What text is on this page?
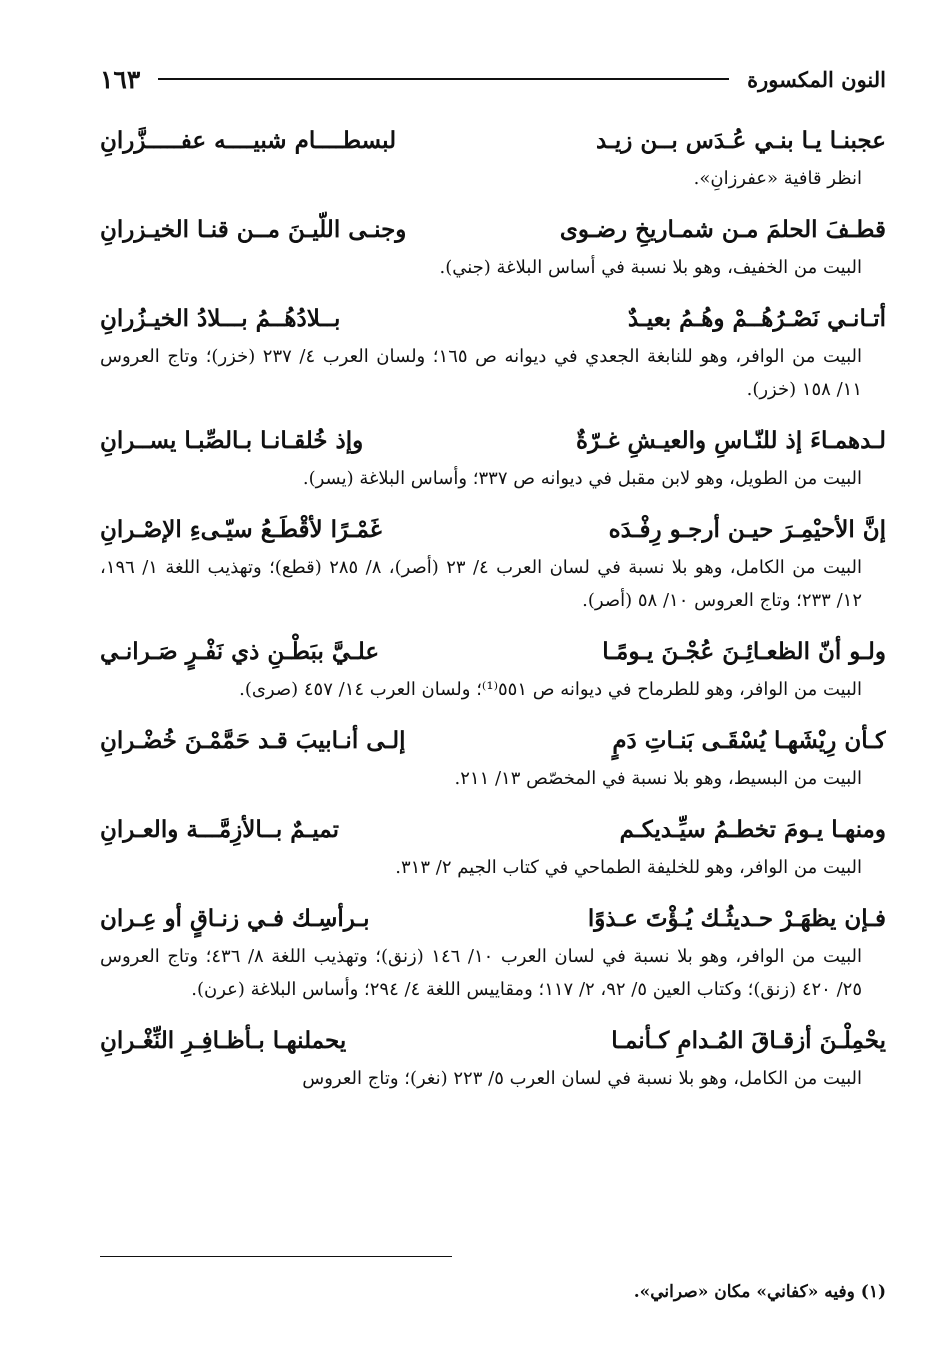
النون المكسورة
١٦٣
عجبنـا يـا بنـي عُـدَس بــن زيـد
لبسطــــام شبيــــه عفـــــزَّرانِ
انظر قافية «عفرزانِ».
قطـفَ الحلمَ مـن شمـاريخِ رضـوى
وجنـى اللّيـنَ مــن قنـا الخيـزرانِ
البيت من الخفيف، وهو بلا نسبة في أساس البلاغة (جني).
أتـانـي نَصْـرُهُــمْ وهُـمُ بعيـدٌ
بــلادُهُــمُ بـــلادُ الخيـزُرانِ
البيت من الوافر، وهو للنابغة الجعدي في ديوانه ص ١٦٥؛ ولسان العرب ٤/ ٢٣٧ (خزر)؛ وتاج العروس ١١/ ١٥٨ (خزر).
لـدهمـاءَ إذ للنّـاسِ والعيـشِ غـرّةٌ
وإذ خُلقـانـا بـالصِّبـا يســرانِ
البيت من الطويل، وهو لابن مقبل في ديوانه ص ٣٣٧؛ وأساس البلاغة (يسر).
إنَّ الأحيْمِـرَ حيـن أرجـو رِفْـدَه
غَمْـرًا لأقْطَـعُ سيّـىءِ الإصْـرانِ
البيت من الكامل، وهو بلا نسبة في لسان العرب ٤/ ٢٣ (أصر)، ٨/ ٢٨٥ (قطع)؛ وتهذيب اللغة ١/ ١٩٦، ١٢/ ٢٣٣؛ وتاج العروس ١٠/ ٥٨ (أصر).
ولـو أنّ الظعـائِـنَ عُجْـنَ يـومًـا
علـيَّ ببَطْـنِ ذي نَفْـرٍ صَـرانـي
البيت من الوافر، وهو للطرماح في ديوانه ص ٥٥١⁽¹⁾؛ ولسان العرب ١٤/ ٤٥٧ (صرى).
كـأن رِيْشَهـا يُسْقَـى بَنـاتِ دَمٍ
إلـى أنـابيبَ قـد حَمَّمْـنَ خُضْـرانِ
البيت من البسيط، وهو بلا نسبة في المخصّص ١٣/ ٢١١.
ومنهـا يـومَ تخطـمُ سيِّـديكـم
تميـمٌ بــالأزِمَّـــة والعـرانِ
البيت من الوافر، وهو للخليفة الطماحي في كتاب الجيم ٢/ ٣١٣.
فـإن يظهَـرْ حـديثُـك يُـؤْتَ عـذوًا
بـرأسِـك فـي زنـاقٍ أو عِـران
البيت من الوافر، وهو بلا نسبة في لسان العرب ١٠/ ١٤٦ (زنق)؛ وتهذيب اللغة ٨/ ٤٣٦؛ وتاج العروس ٢٥/ ٤٢٠ (زنق)؛ وكتاب العين ٥/ ٩٢، ٢/ ١١٧؛ ومقاييس اللغة ٤/ ٢٩٤؛ وأساس البلاغة (عرن).
يحْمِلْـنَ أزقـاقَ المُـدامِ كـأنمـا
يحملنهـا بـأظـافِـرِ النِّغْـرانِ
البيت من الكامل، وهو بلا نسبة في لسان العرب ٥/ ٢٢٣ (نغر)؛ وتاج العروس
(١) وفيه «كفاني» مكان «صراني».
